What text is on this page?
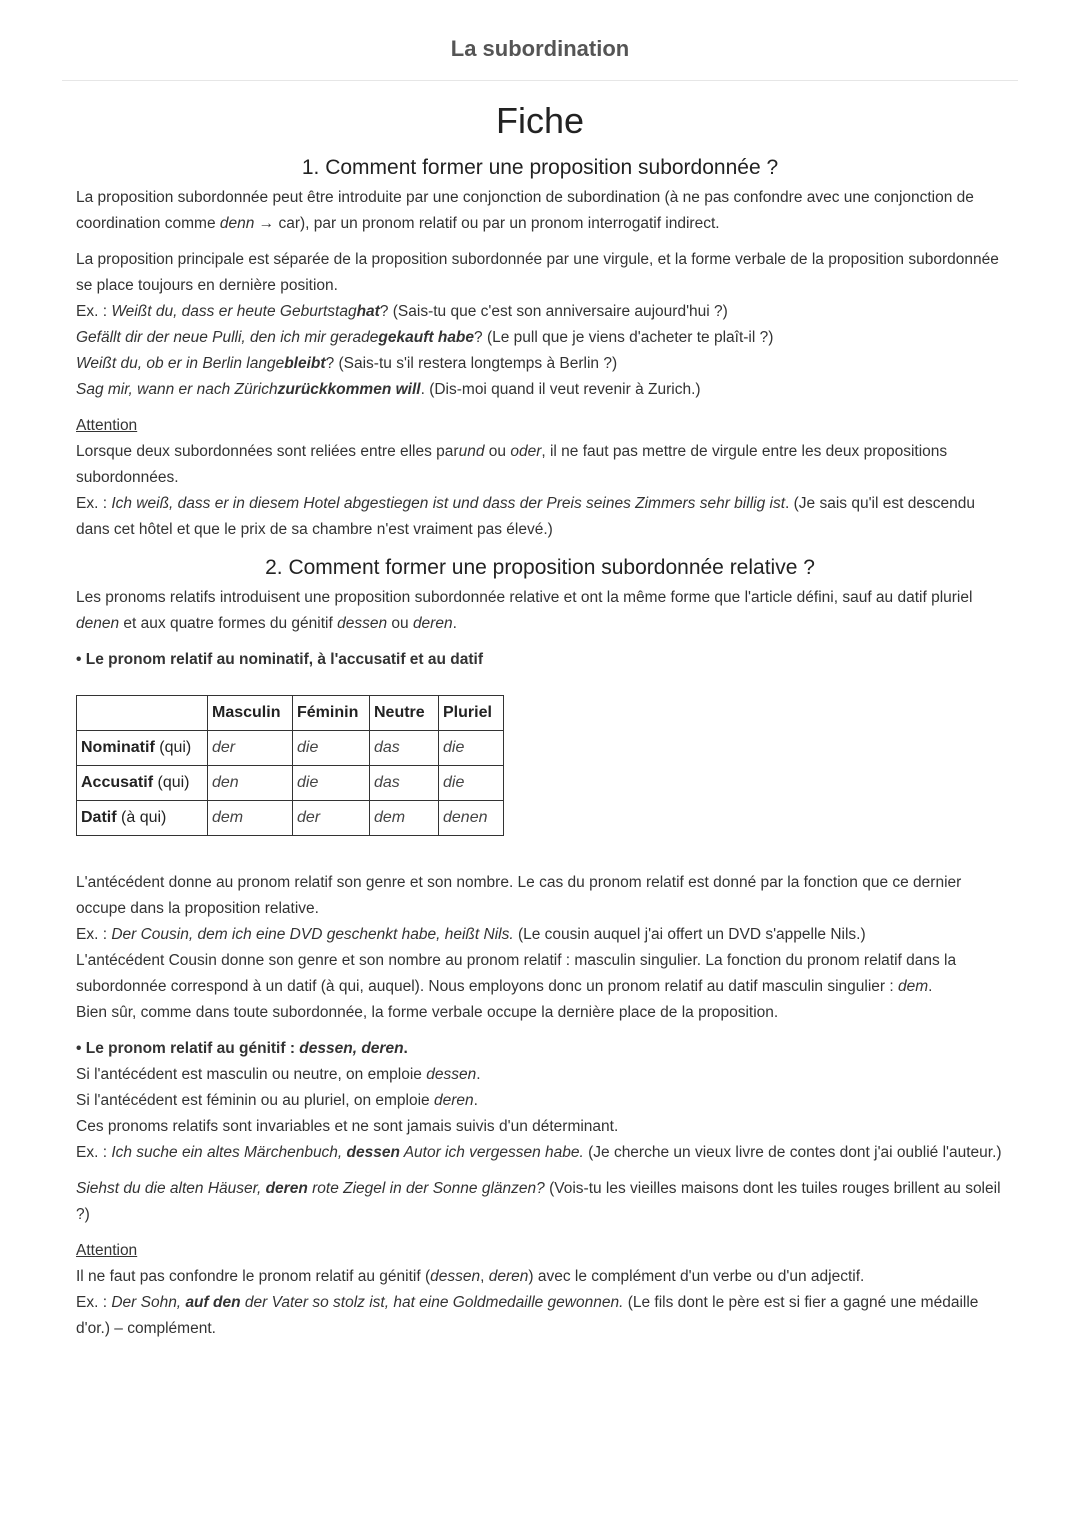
La subordination
Fiche
1. Comment former une proposition subordonnée ?

La proposition subordonnée peut être introduite par une conjonction de subordination (à ne pas confondre avec une conjonction de coordination comme denn → car), par un pronom relatif ou par un pronom interrogatif indirect.

La proposition principale est séparée de la proposition subordonnée par une virgule, et la forme verbale de la proposition subordonnée se place toujours en dernière position.

Ex. : Weißt du, dass er heute Geburtstaghat? (Sais-tu que c'est son anniversaire aujourd'hui ?)

Gefällt dir der neue Pulli, den ich mir geradegekauft habe? (Le pull que je viens d'acheter te plaît-il ?)

Weißt du, ob er in Berlin langebleibt? (Sais-tu s'il restera longtemps à Berlin ?)

Sag mir, wann er nach Zürichzurückkommen will. (Dis-moi quand il veut revenir à Zurich.)

Attention

Lorsque deux subordonnées sont reliées entre elles parund ou oder, il ne faut pas mettre de virgule entre les deux propositions subordonnées.

Ex. : Ich weiß, dass er in diesem Hotel abgestiegen ist und dass der Preis seines Zimmers sehr billig ist. (Je sais qu'il est descendu dans cet hôtel et que le prix de sa chambre n'est vraiment pas élevé.)

2. Comment former une proposition subordonnée relative ?

Les pronoms relatifs introduisent une proposition subordonnée relative et ont la même forme que l'article défini, sauf au datif pluriel denen et aux quatre formes du génitif dessen ou deren.

• Le pronom relatif au nominatif, à l'accusatif et au datif

	Masculin	Féminin	Neutre	Pluriel
Nominatif (qui)	der	die	das	die
Accusatif (qui)	den	die	das	die
Datif (à qui)	dem	der	dem	denen

L'antécédent donne au pronom relatif son genre et son nombre. Le cas du pronom relatif est donné par la fonction que ce dernier occupe dans la proposition relative.

Ex. : Der Cousin, dem ich eine DVD geschenkt habe, heißt Nils. (Le cousin auquel j'ai offert un DVD s'appelle Nils.)

L'antécédent Cousin donne son genre et son nombre au pronom relatif : masculin singulier. La fonction du pronom relatif dans la subordonnée correspond à un datif (à qui, auquel). Nous employons donc un pronom relatif au datif masculin singulier : dem.

Bien sûr, comme dans toute subordonnée, la forme verbale occupe la dernière place de la proposition.

• Le pronom relatif au génitif : dessen, deren.

Si l'antécédent est masculin ou neutre, on emploie dessen.

Si l'antécédent est féminin ou au pluriel, on emploie deren.

Ces pronoms relatifs sont invariables et ne sont jamais suivis d'un déterminant.

Ex. : Ich suche ein altes Märchenbuch, dessen Autor ich vergessen habe. (Je cherche un vieux livre de contes dont j'ai oublié l'auteur.)

Siehst du die alten Häuser, deren rote Ziegel in der Sonne glänzen? (Vois-tu les vieilles maisons dont les tuiles rouges brillent au soleil ?)

Attention

Il ne faut pas confondre le pronom relatif au génitif (dessen, deren) avec le complément d'un verbe ou d'un adjectif.

Ex. : Der Sohn, auf den der Vater so stolz ist, hat eine Goldmedaille gewonnen. (Le fils dont le père est si fier a gagné une médaille d'or.) – complément.
